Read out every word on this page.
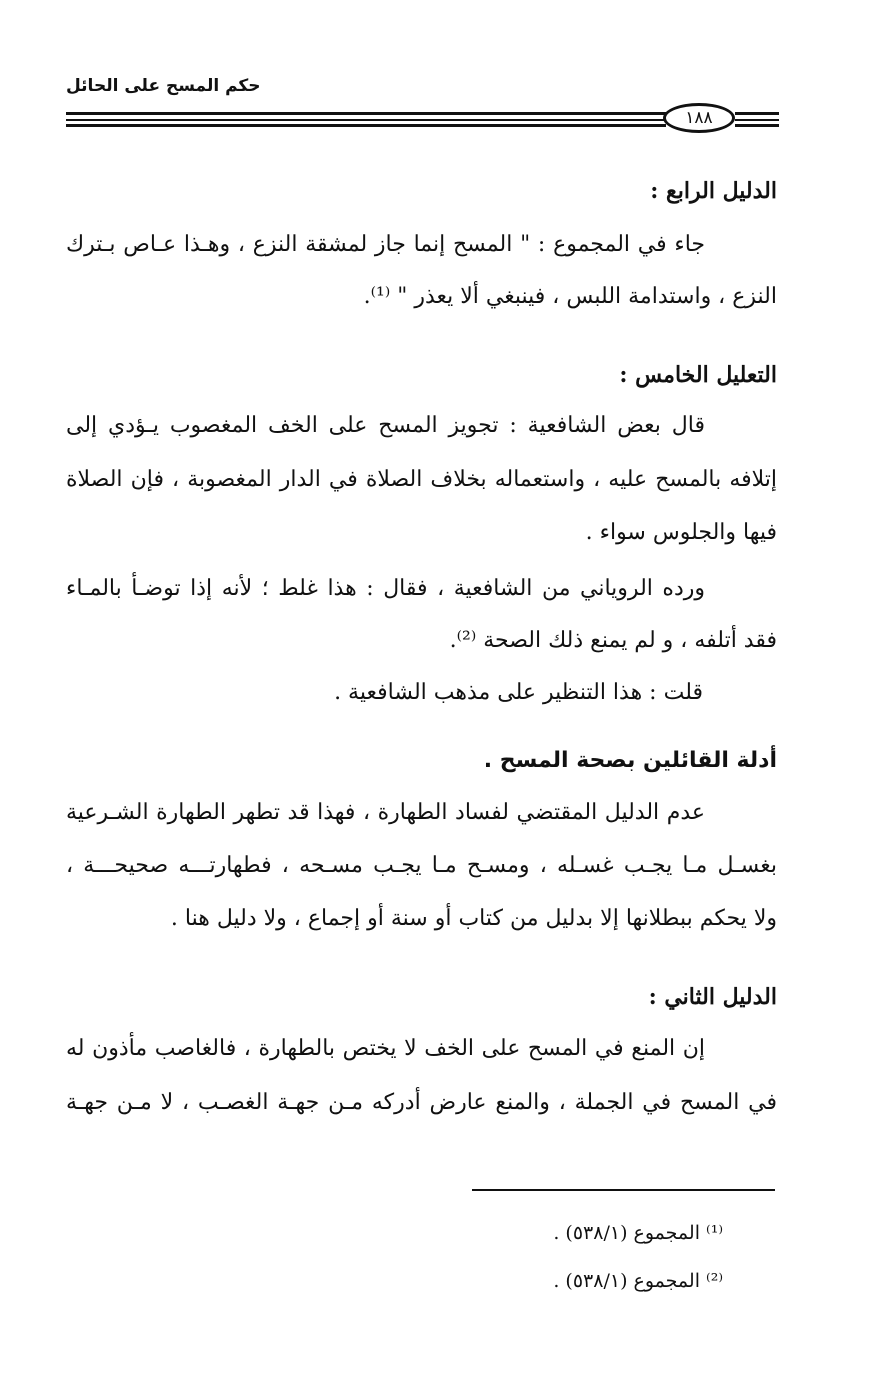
حكم المسح على الحائل
١٨٨
الدليل الرابع :
جاء في المجموع : " المسح إنما جاز لمشقة النزع ، وهـذا عـاص بـترك
النزع ، واستدامة اللبس ، فينبغي ألا يعذر " ⁽¹⁾.
التعليل الخامس :
قال بعض الشافعية : تجويز المسح على الخف المغصوب يـؤدي إلى
إتلافه بالمسح عليه ، واستعماله بخلاف الصلاة في الدار المغصوبة ، فإن الصلاة
فيها والجلوس سواء .
ورده الروياني من الشافعية ، فقال : هذا غلط ؛ لأنه إذا توضـأ بالمـاء
فقد أتلفه ، و لم يمنع ذلك الصحة ⁽²⁾.
قلت : هذا التنظير على مذهب الشافعية .
أدلة القائلين بصحة المسح .
عدم الدليل المقتضي لفساد الطهارة ، فهذا قد تطهر الطهارة الشـرعية
بغسـل مـا يجـب غسـله ، ومسـح مـا يجـب مسـحه ، فطهارتـــه صحيحـــة ،
ولا يحكم ببطلانها إلا بدليل من كتاب أو سنة أو إجماع ، ولا دليل هنا .
الدليل الثاني :
إن المنع في المسح على الخف لا يختص بالطهارة ، فالغاصب مأذون له
في المسح في الجملة ، والمنع عارض أدركه مـن جهـة الغصـب ، لا مـن جهـة
⁽¹⁾ المجموع (٥٣٨/١) .
⁽²⁾ المجموع (٥٣٨/١) .
